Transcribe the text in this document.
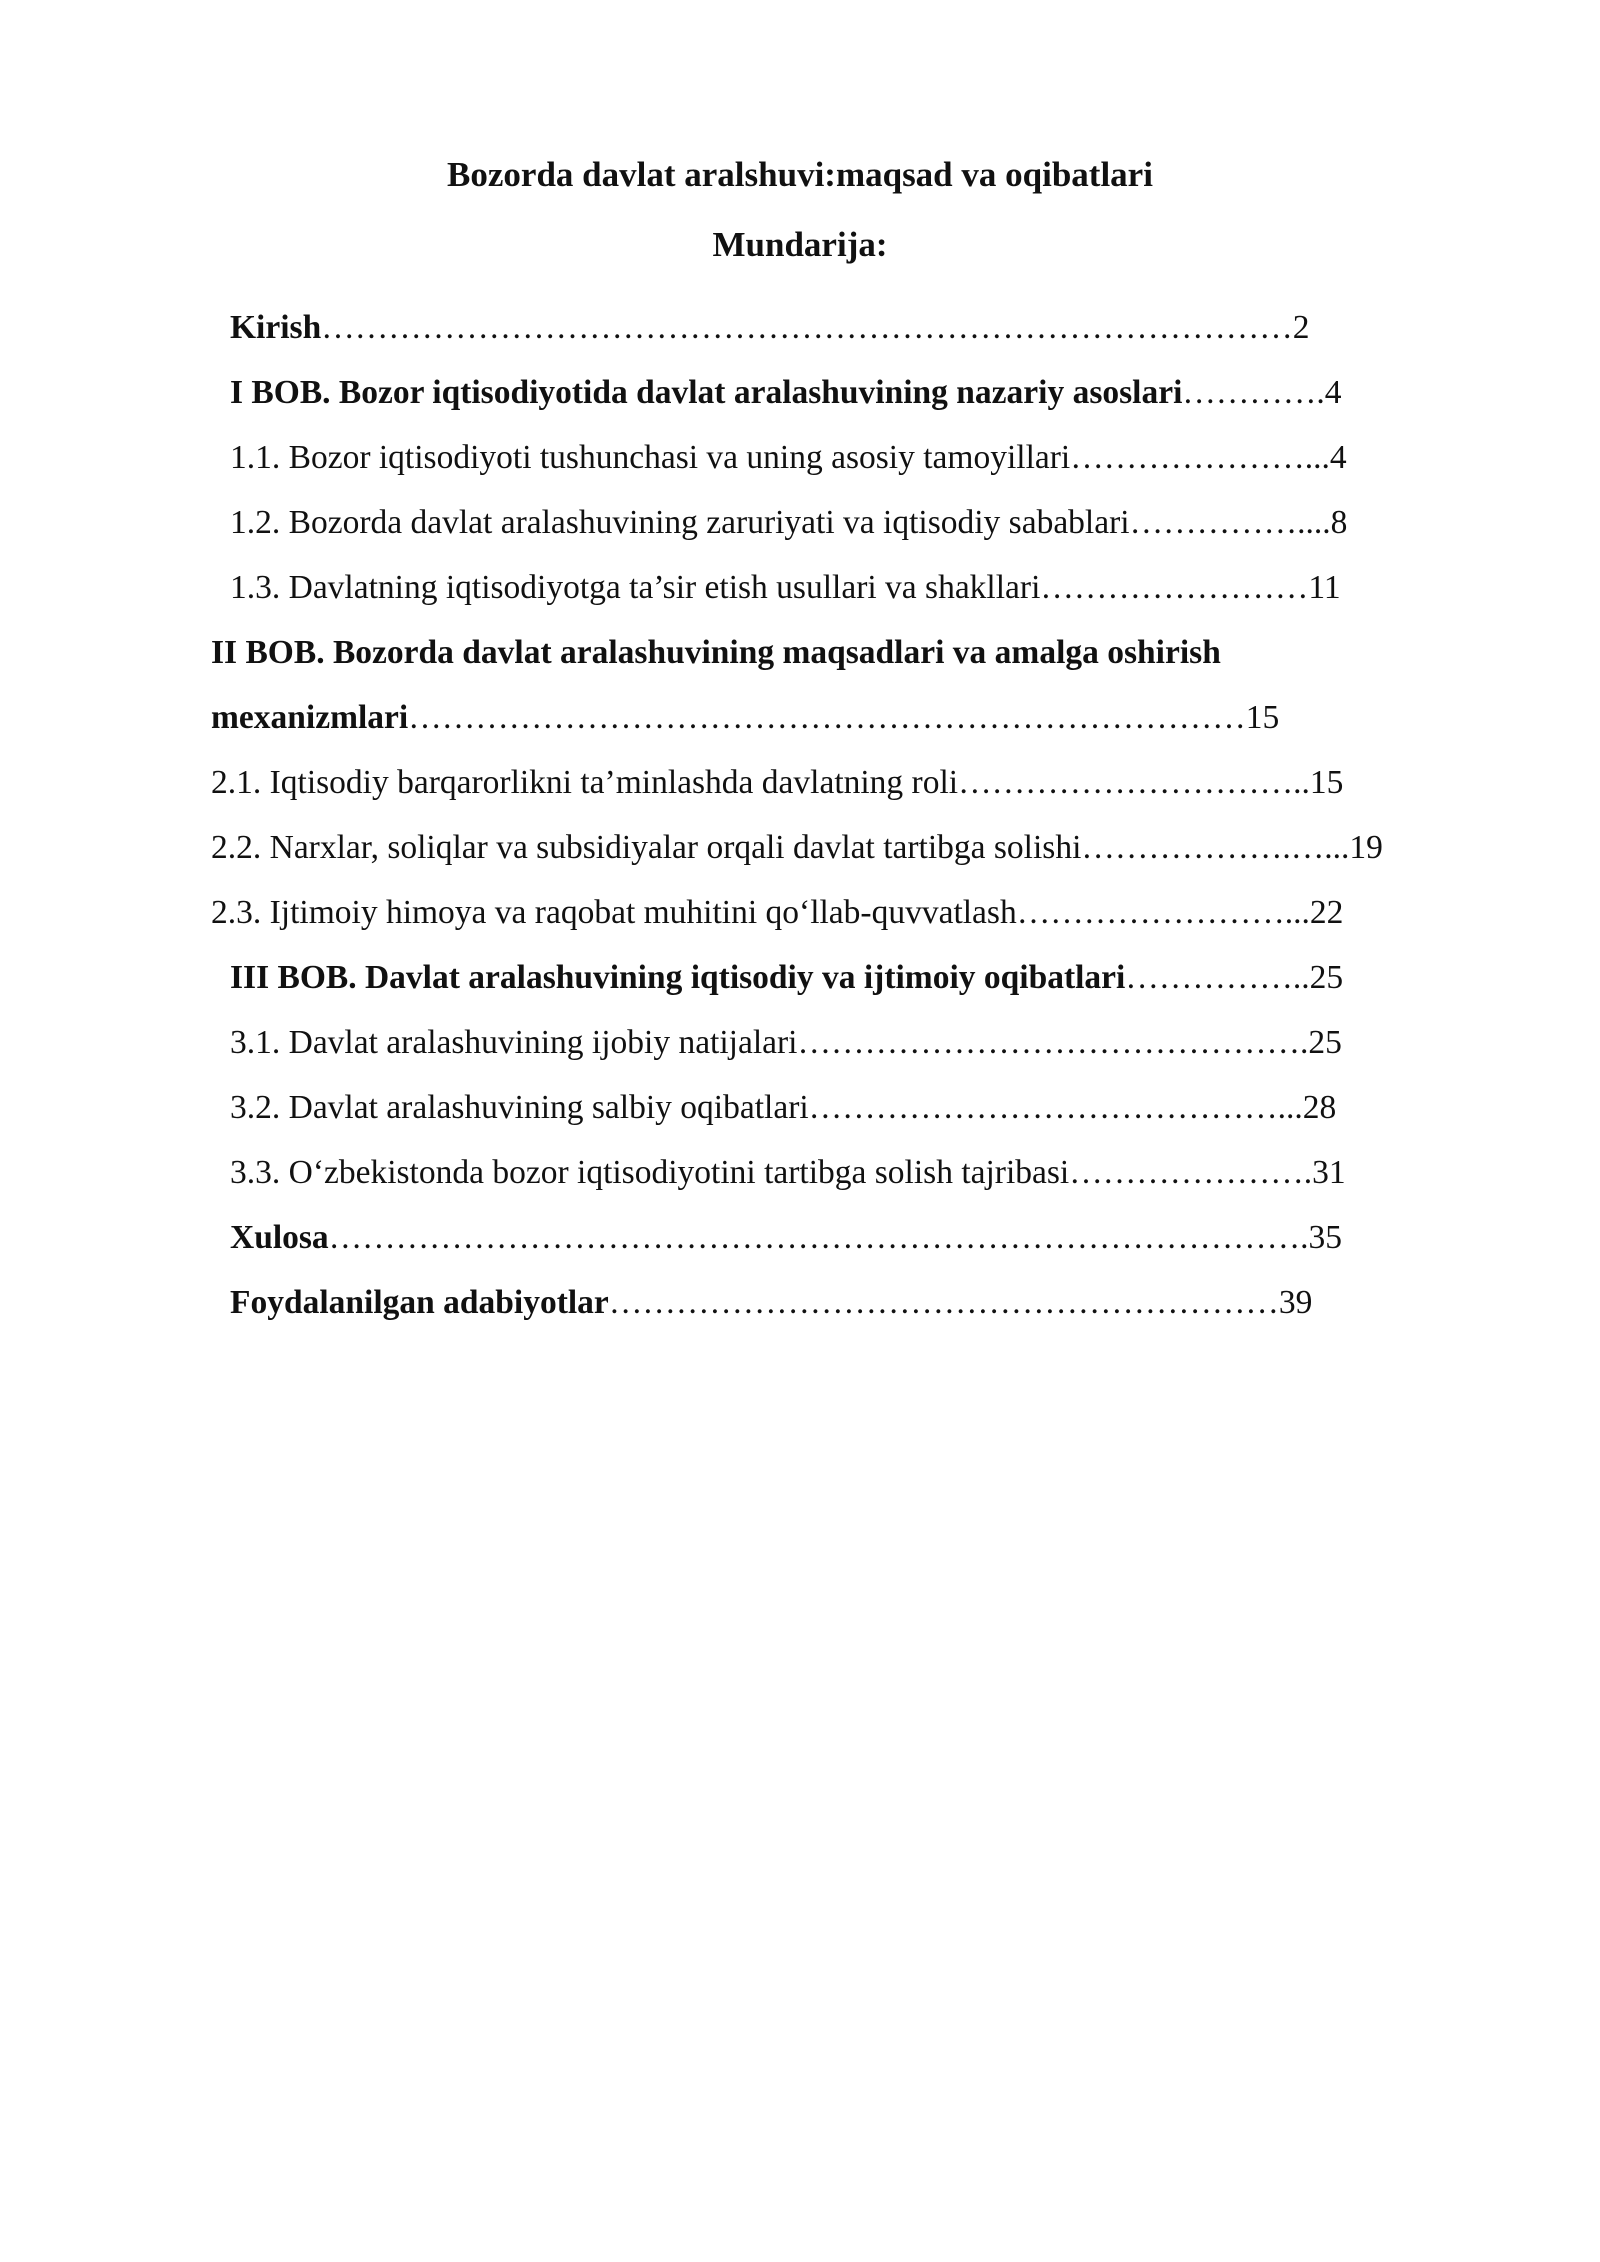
Bozorda davlat aralshuvi:maqsad va oqibatlari
Mundarija:
Kirish……………………………………………………………………………2
I BOB. Bozor iqtisodiyotida davlat aralashuvining nazariy asoslari………….4
1.1. Bozor iqtisodiyoti tushunchasi va uning asosiy tamoyillari…………………...4
1.2. Bozorda davlat aralashuvining zaruriyati va iqtisodiy sabablari……………....8
1.3. Davlatning iqtisodiyotga ta’sir etish usullari va shakllari……………………11
II BOB. Bozorda davlat aralashuvining maqsadlari va amalga oshirish
mexanizmlari…………………………………………………………………15
2.1. Iqtisodiy barqarorlikni ta’minlashda davlatning roli…………………………..15
2.2. Narxlar, soliqlar va subsidiyalar orqali davlat tartibga solishi……………….…...19
2.3. Ijtimoiy himoya va raqobat muhitini qo‘llab-quvvatlash……………………...22
III BOB. Davlat aralashuvining iqtisodiy va ijtimoiy oqibatlari……………..25
3.1. Davlat aralashuvining ijobiy natijalari……………………………………….25
3.2. Davlat aralashuvining salbiy oqibatlari……………………………………...28
3.3. O‘zbekistonda bozor iqtisodiyotini tartibga solish tajribasi………………….31
Xulosa…………………………………………………………………………….35
Foydalanilgan adabiyotlar……………………………………………………39
